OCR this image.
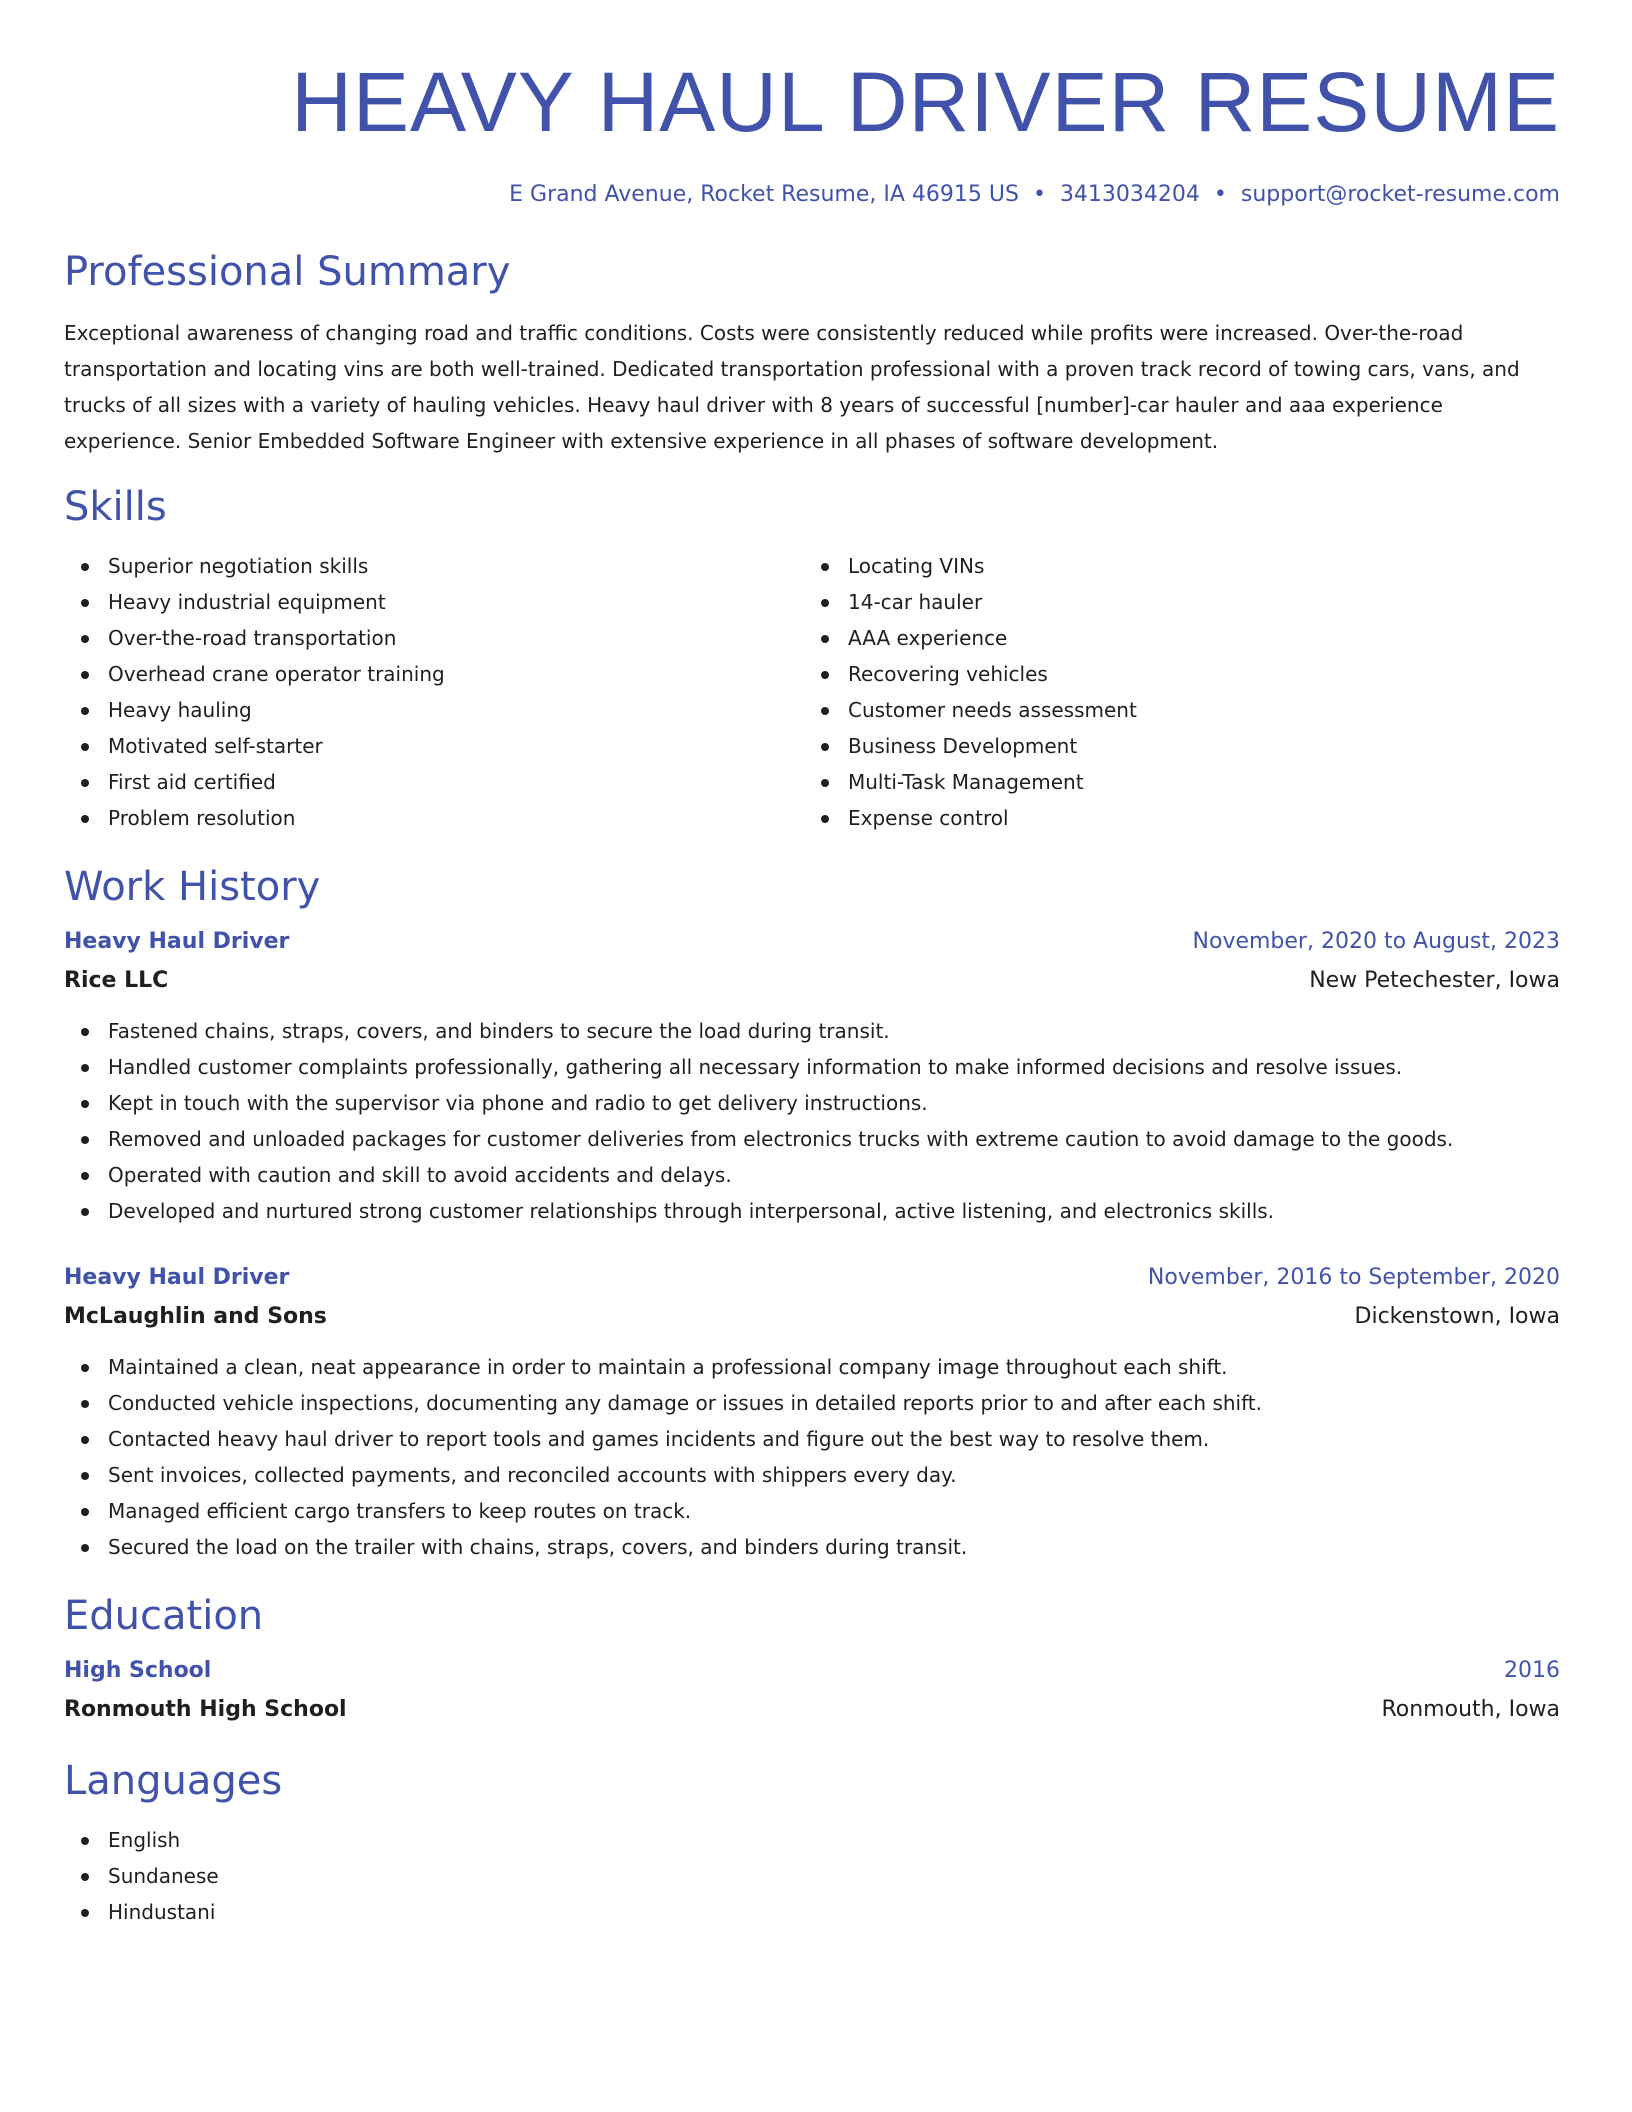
HEAVY HAUL DRIVER RESUME
E Grand Avenue, Rocket Resume, IA 46915 US • 3413034204 • support@rocket-resume.com
Professional Summary

Exceptional awareness of changing road and traffic conditions. Costs were consistently reduced while profits were increased. Over-the-road transportation and locating vins are both well-trained. Dedicated transportation professional with a proven track record of towing cars, vans, and trucks of all sizes with a variety of hauling vehicles. Heavy haul driver with 8 years of successful [number]-car hauler and aaa experience experience. Senior Embedded Software Engineer with extensive experience in all phases of software development.

Skills
Superior negotiation skills
Heavy industrial equipment
Over-the-road transportation
Overhead crane operator training
Heavy hauling
Motivated self-starter
First aid certified
Problem resolution
Locating VINs
14-car hauler
AAA experience
Recovering vehicles
Customer needs assessment
Business Development
Multi-Task Management
Expense control
Work History
Heavy Haul Driver	November, 2020 to August, 2023
Rice LLC	New Petechester, Iowa
Fastened chains, straps, covers, and binders to secure the load during transit.
Handled customer complaints professionally, gathering all necessary information to make informed decisions and resolve issues.
Kept in touch with the supervisor via phone and radio to get delivery instructions.
Removed and unloaded packages for customer deliveries from electronics trucks with extreme caution to avoid damage to the goods.
Operated with caution and skill to avoid accidents and delays.
Developed and nurtured strong customer relationships through interpersonal, active listening, and electronics skills.
Heavy Haul Driver	November, 2016 to September, 2020
McLaughlin and Sons	Dickenstown, Iowa
Maintained a clean, neat appearance in order to maintain a professional company image throughout each shift.
Conducted vehicle inspections, documenting any damage or issues in detailed reports prior to and after each shift.
Contacted heavy haul driver to report tools and games incidents and figure out the best way to resolve them.
Sent invoices, collected payments, and reconciled accounts with shippers every day.
Managed efficient cargo transfers to keep routes on track.
Secured the load on the trailer with chains, straps, covers, and binders during transit.
Education
High School	2016
Ronmouth High School	Ronmouth, Iowa
Languages
English
Sundanese
Hindustani
